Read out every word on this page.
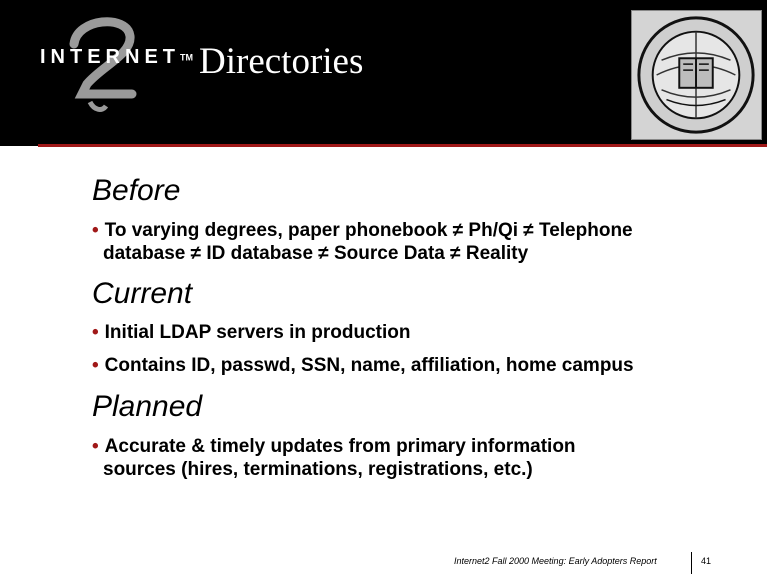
INTERNETTM Directories
Before
• To varying degrees, paper phonebook ≠ Ph/Qi ≠ Telephone
database ≠ ID database ≠ Source Data ≠ Reality
Current
• Initial LDAP servers in production
• Contains ID, passwd, SSN, name, affiliation, home campus
Planned
• Accurate & timely updates from primary information
sources (hires, terminations, registrations, etc.)
Internet2 Fall 2000 Meeting: Early Adopters Report	41
